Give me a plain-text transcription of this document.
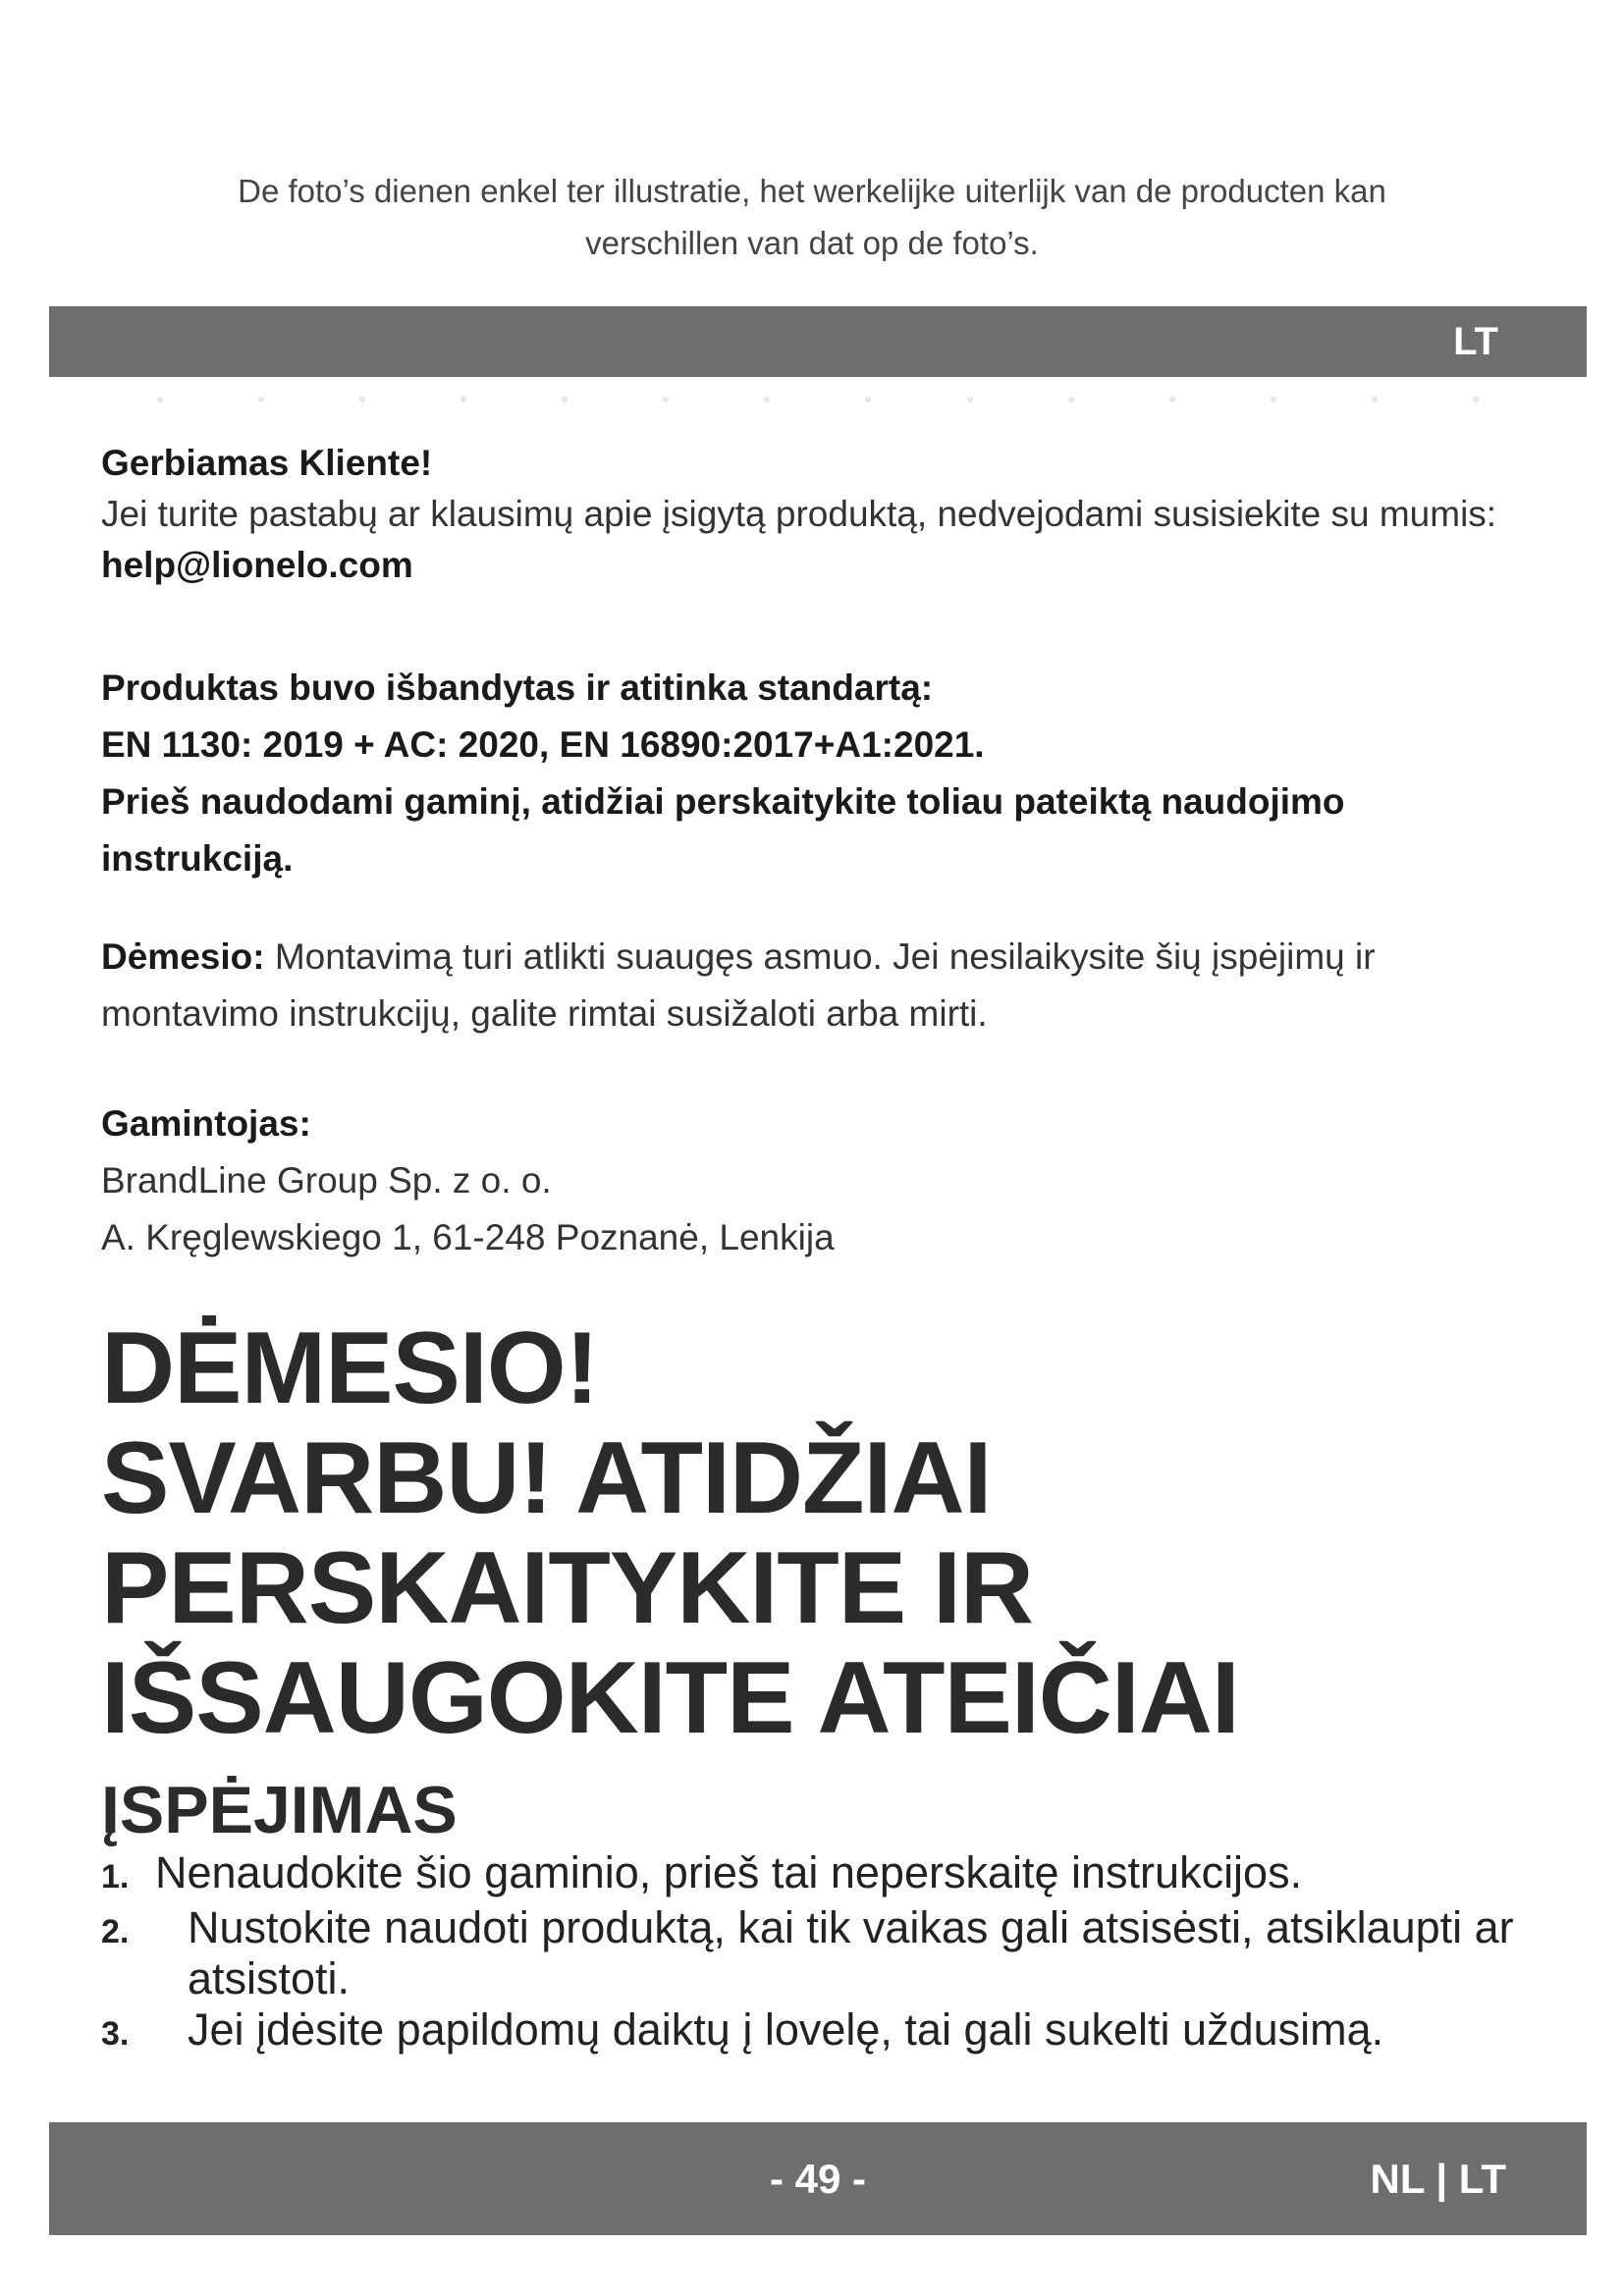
De foto’s dienen enkel ter illustratie, het werkelijke uiterlijk van de producten kan
verschillen van dat op de foto’s.
LT

Gerbiamas Kliente!

Jei turite pastabų ar klausimų apie įsigytą produktą, nedvejodami susisiekite su mumis: help@lionelo.com

Produktas buvo išbandytas ir atitinka standartą:

EN 1130: 2019 + AC: 2020, EN 16890:2017+A1:2021.

Prieš naudodami gaminį, atidžiai perskaitykite toliau pateiktą naudojimo instrukciją.

Dėmesio: Montavimą turi atlikti suaugęs asmuo. Jei nesilaikysite šių įspėjimų ir montavimo instrukcijų, galite rimtai susižaloti arba mirti.

Gamintojas:

BrandLine Group Sp. z o. o.

A. Kręglewskiego 1, 61-248 Poznanė, Lenkija

DĖMESIO!
SVARBU! ATIDŽIAI
PERSKAITYKITE IR
IŠSAUGOKITE ATEIČIAI
ĮSPĖJIMAS
1. Nenaudokite šio gaminio, prieš tai neperskaitę instrukcijos.
2.	Nustokite naudoti produktą, kai tik vaikas gali atsisėsti, atsiklaupti ar atsistoti.
3.	Jei įdėsite papildomų daiktų į lovelę, tai gali sukelti uždusimą.
- 49 -	NL | LT
